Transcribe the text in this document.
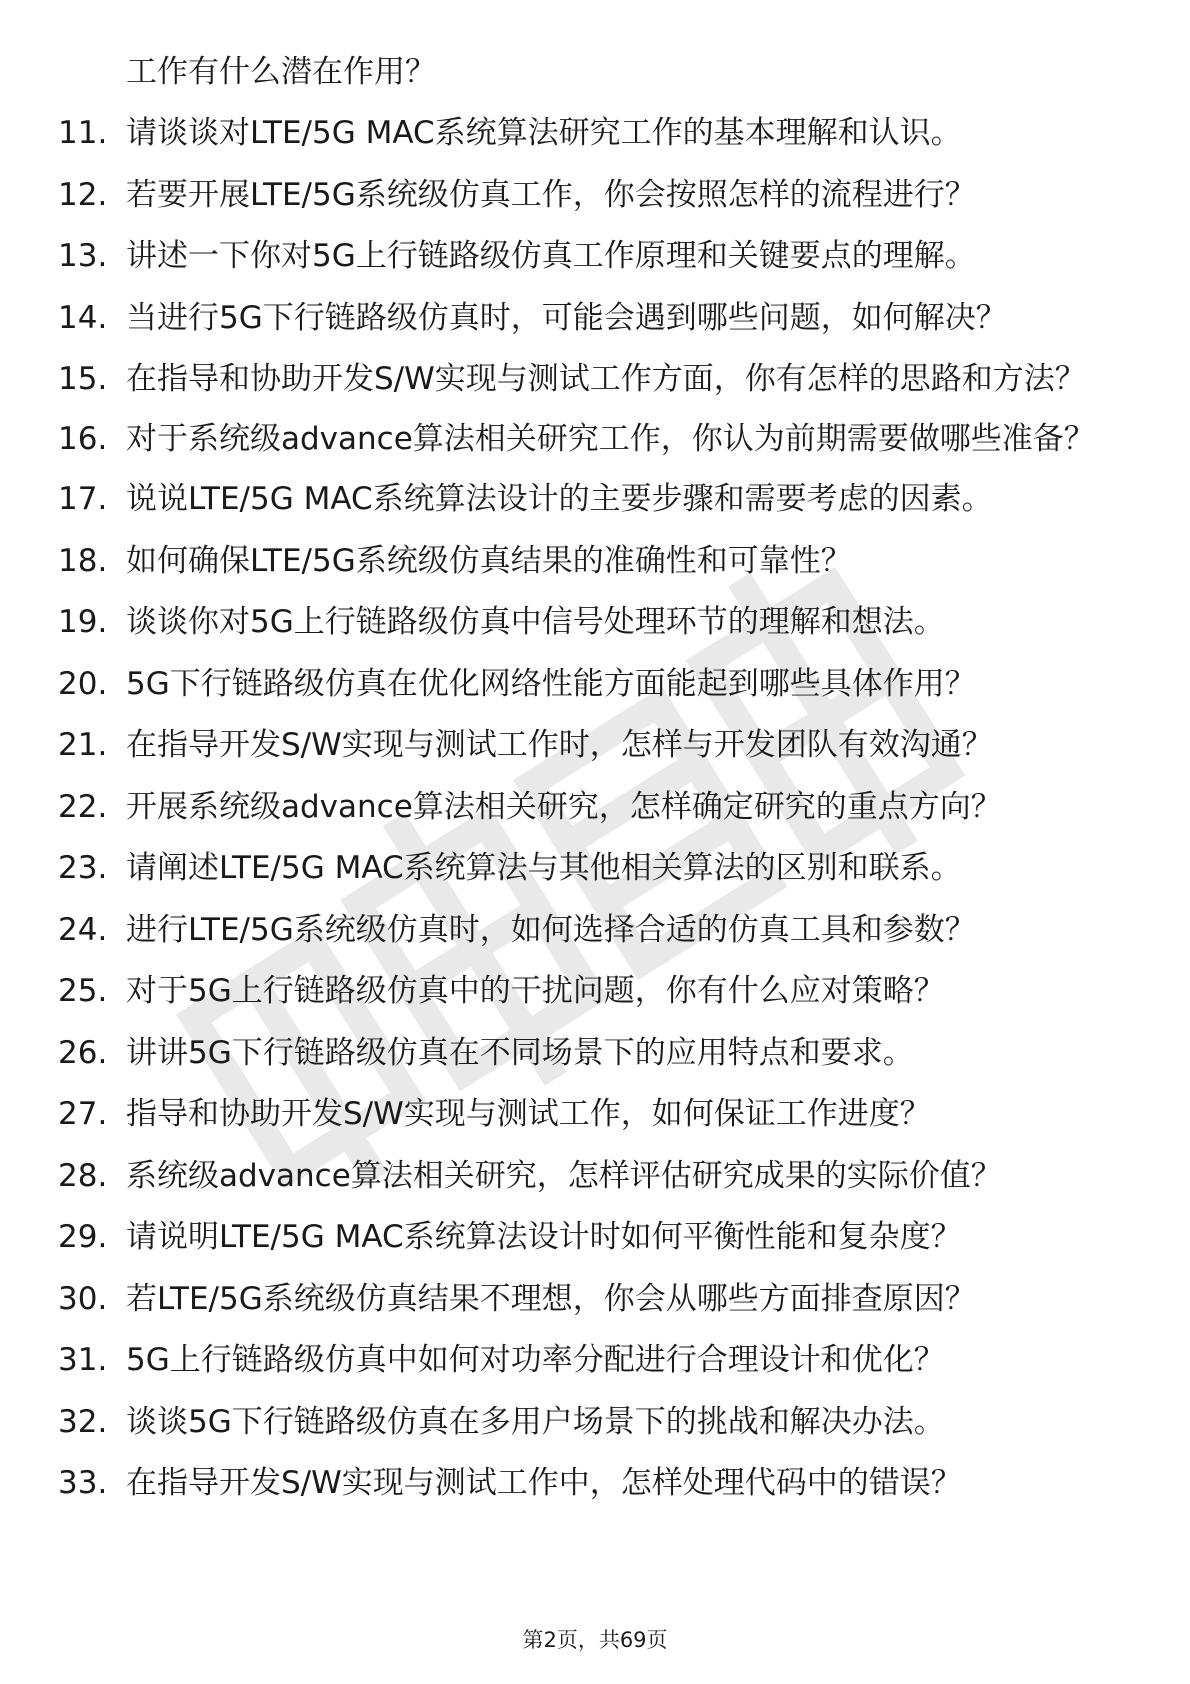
工作有什么潜在作用？
11. 请谈谈对LTE/5G MAC系统算法研究工作的基本理解和认识。
12. 若要开展LTE/5G系统级仿真工作，你会按照怎样的流程进行？
13. 讲述一下你对5G上行链路级仿真工作原理和关键要点的理解。
14. 当进行5G下行链路级仿真时，可能会遇到哪些问题，如何解决？
15. 在指导和协助开发S/W实现与测试工作方面，你有怎样的思路和方法？
16. 对于系统级advance算法相关研究工作，你认为前期需要做哪些准备？
17. 说说LTE/5G MAC系统算法设计的主要步骤和需要考虑的因素。
18. 如何确保LTE/5G系统级仿真结果的准确性和可靠性？
19. 谈谈你对5G上行链路级仿真中信号处理环节的理解和想法。
20. 5G下行链路级仿真在优化网络性能方面能起到哪些具体作用？
21. 在指导开发S/W实现与测试工作时，怎样与开发团队有效沟通？
22. 开展系统级advance算法相关研究，怎样确定研究的重点方向？
23. 请阐述LTE/5G MAC系统算法与其他相关算法的区别和联系。
24. 进行LTE/5G系统级仿真时，如何选择合适的仿真工具和参数？
25. 对于5G上行链路级仿真中的干扰问题，你有什么应对策略？
26. 讲讲5G下行链路级仿真在不同场景下的应用特点和要求。
27. 指导和协助开发S/W实现与测试工作，如何保证工作进度？
28. 系统级advance算法相关研究，怎样评估研究成果的实际价值？
29. 请说明LTE/5G MAC系统算法设计时如何平衡性能和复杂度？
30. 若LTE/5G系统级仿真结果不理想，你会从哪些方面排查原因？
31. 5G上行链路级仿真中如何对功率分配进行合理设计和优化？
32. 谈谈5G下行链路级仿真在多用户场景下的挑战和解决办法。
33. 在指导开发S/W实现与测试工作中，怎样处理代码中的错误？
第2页，共69页
